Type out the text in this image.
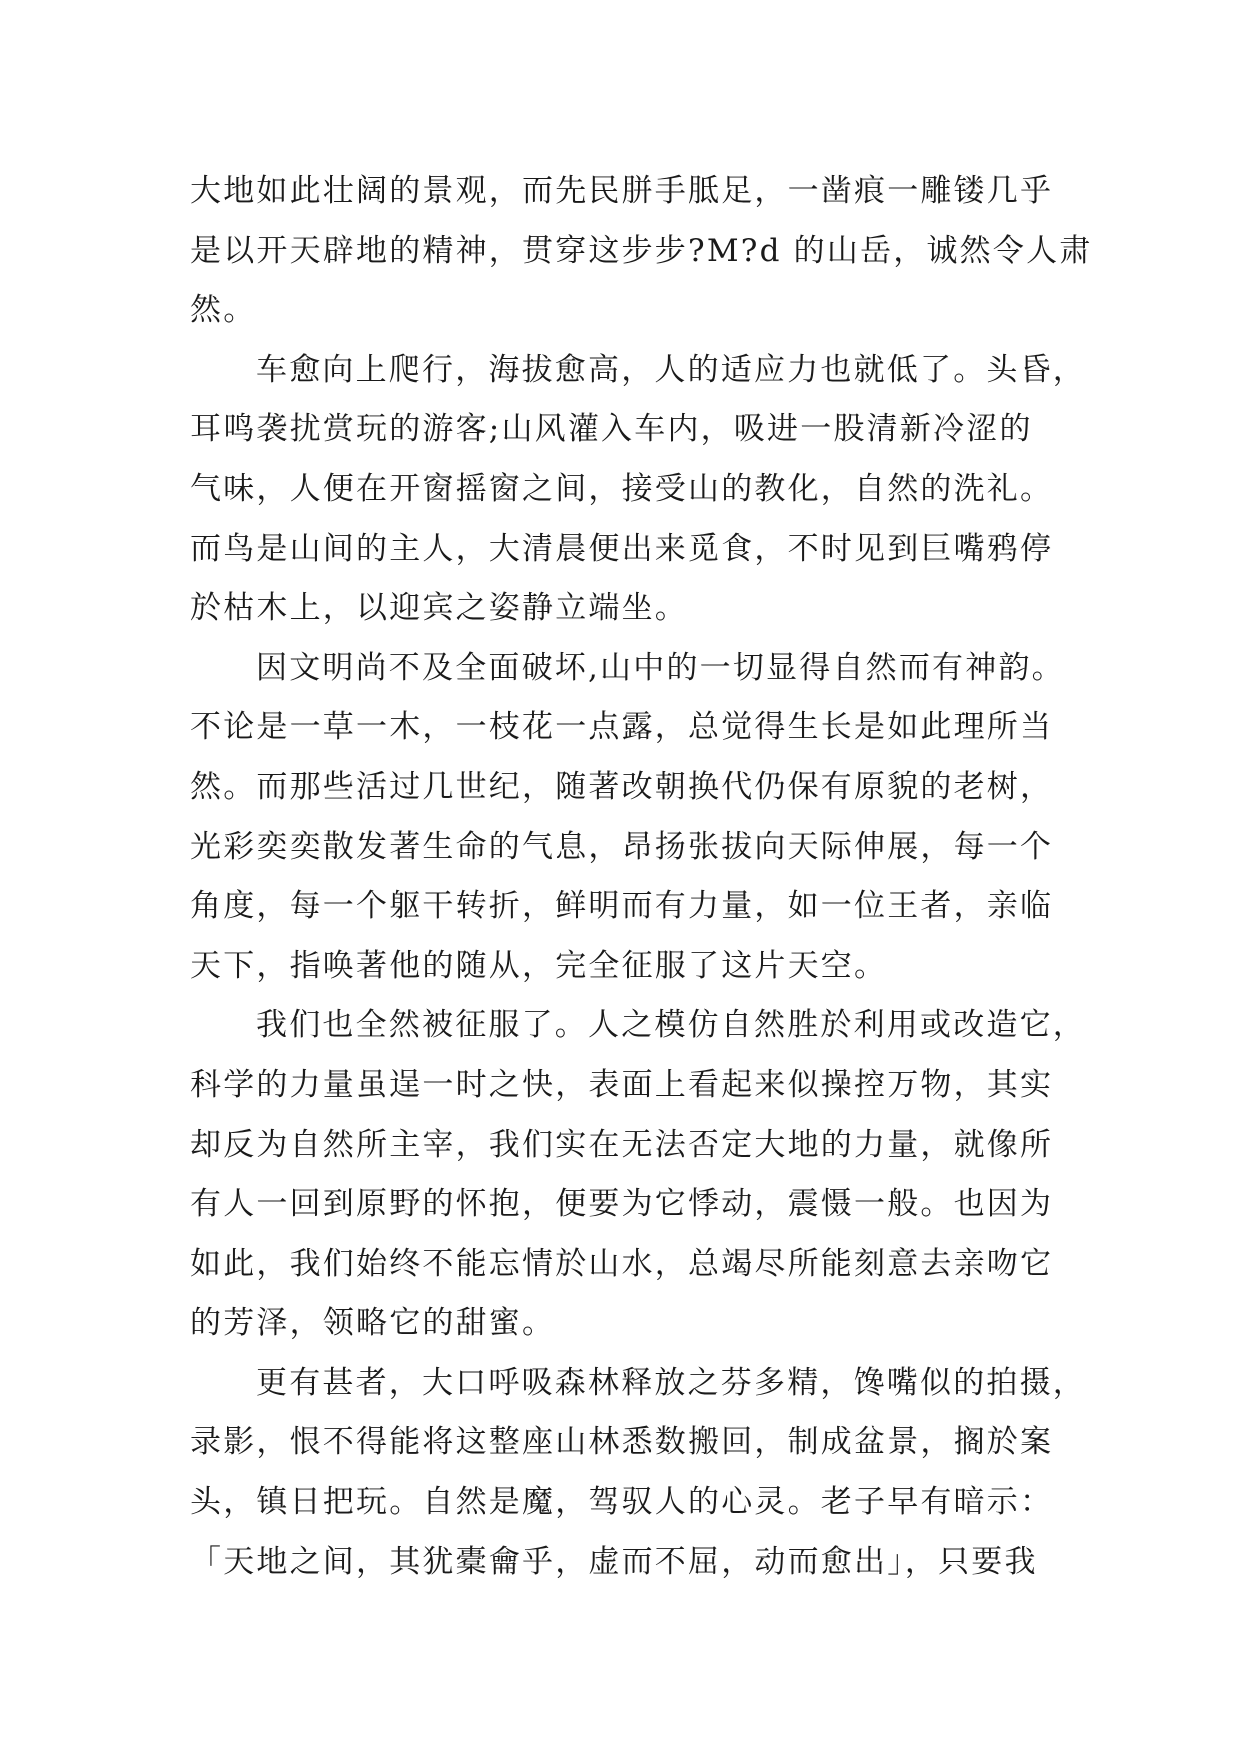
大地如此壮阔的景观，而先民胼手胝足，一凿痕一雕镂几乎
是以开天辟地的精神，贯穿这步步?M?d 的山岳，诚然令人肃
然。
车愈向上爬行，海拔愈高，人的适应力也就低了。头昏，
耳鸣袭扰赏玩的游客;山风灌入车内，吸进一股清新冷涩的
气味，人便在开窗摇窗之间，接受山的教化，自然的洗礼。
而鸟是山间的主人，大清晨便出来觅食，不时见到巨嘴鸦停
於枯木上，以迎宾之姿静立端坐。
因文明尚不及全面破坏,山中的一切显得自然而有神韵。
不论是一草一木，一枝花一点露，总觉得生长是如此理所当
然。而那些活过几世纪，随著改朝换代仍保有原貌的老树，
光彩奕奕散发著生命的气息，昂扬张拔向天际伸展，每一个
角度，每一个躯干转折，鲜明而有力量，如一位王者，亲临
天下，指唤著他的随从，完全征服了这片天空。
我们也全然被征服了。人之模仿自然胜於利用或改造它，
科学的力量虽逞一时之快，表面上看起来似操控万物，其实
却反为自然所主宰，我们实在无法否定大地的力量，就像所
有人一回到原野的怀抱，便要为它悸动，震慑一般。也因为
如此，我们始终不能忘情於山水，总竭尽所能刻意去亲吻它
的芳泽，领略它的甜蜜。
更有甚者，大口呼吸森林释放之芬多精，馋嘴似的拍摄，
录影，恨不得能将这整座山林悉数搬回，制成盆景，搁於案
头，镇日把玩。自然是魔，驾驭人的心灵。老子早有暗示：
「天地之间，其犹橐龠乎，虚而不屈，动而愈出」，只要我
